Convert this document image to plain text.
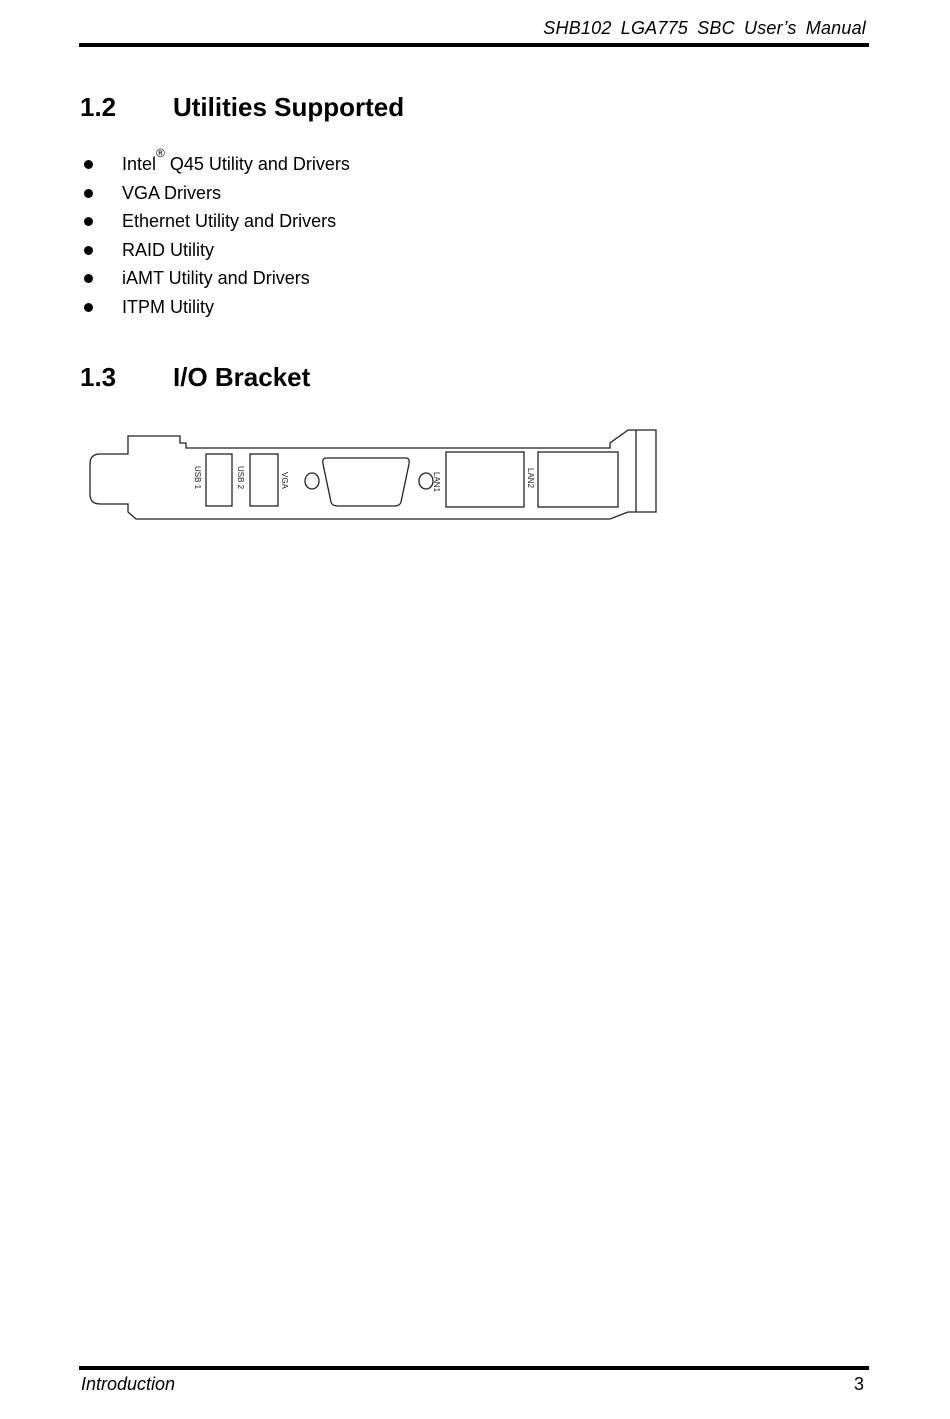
SHB102 LGA775 SBC User’s Manual
1.2 Utilities Supported
Intel® Q45 Utility and Drivers
VGA Drivers
Ethernet Utility and Drivers
RAID Utility
iAMT Utility and Drivers
ITPM Utility
1.3 I/O Bracket
USB 1	USB 2	VGA	LAN1	LAN2
Introduction	3
